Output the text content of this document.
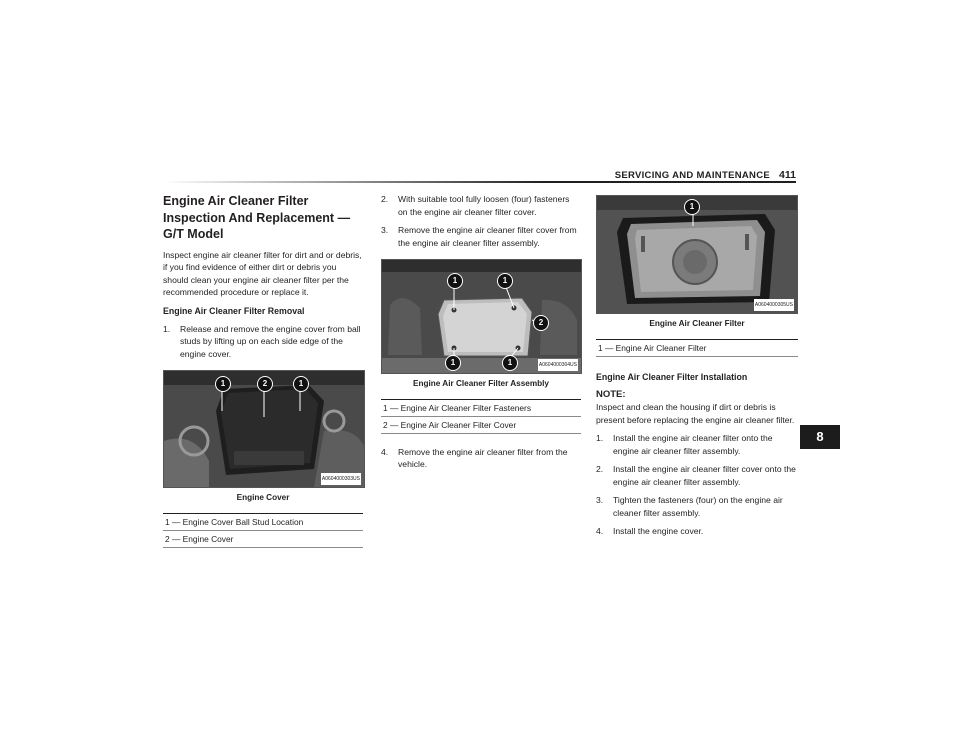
SERVICING AND MAINTENANCE 411
Engine Air Cleaner Filter Inspection And Replacement — G/T Model

Inspect engine air cleaner filter for dirt and or debris, if you find evidence of either dirt or debris you should clean your engine air cleaner filter per the recommended procedure or replace it.

Engine Air Cleaner Filter Removal
1.	Release and remove the engine cover from ball studs by lifting up on each side edge of the engine cover.
1	2	1
A0604000303US
Engine Cover
1 — Engine Cover Ball Stud Location
2 — Engine Cover
2.	With suitable tool fully loosen (four) fasteners on the engine air cleaner filter cover.
3.	Remove the engine air cleaner filter cover from the engine air cleaner filter assembly.
1	1
2
1	1	A0604000304US
Engine Air Cleaner Filter Assembly
1 — Engine Air Cleaner Filter Fasteners
2 — Engine Air Cleaner Filter Cover
4.	Remove the engine air cleaner filter from the vehicle.
1
A0604000305US
Engine Air Cleaner Filter
1 — Engine Air Cleaner Filter
Engine Air Cleaner Filter Installation
NOTE:

Inspect and clean the housing if dirt or debris is present before replacing the engine air cleaner filter.

1.	Install the engine air cleaner filter onto the engine air cleaner filter assembly.
2.	Install the engine air cleaner filter cover onto the engine air cleaner filter assembly.
3.	Tighten the fasteners (four) on the engine air cleaner filter assembly.
4.	Install the engine cover.
8
